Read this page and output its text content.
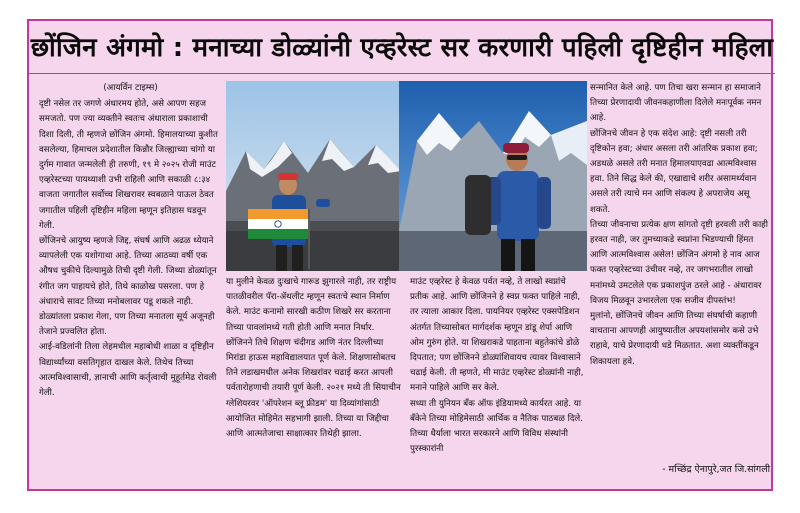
छोंजिन अंगमो : मनाच्या डोळ्यांनी एव्हरेस्ट सर करणारी पहिली दृष्टिहीन महिला

(आयर्विन टाइम्स)

दृष्टी नसेल तर जगणे अंधारमय होते, असे आपण सहज समजतो. पण ज्या व्यक्तीने स्वतःच अंधाराला प्रकाशाची दिशा दिली, ती म्हणजे छोंजिन अंगमो. हिमालयाच्या कुशीत वसलेल्या, हिमाचल प्रदेशातील किन्नौर जिल्ह्याच्या चांगो या दुर्गम गावात जन्मलेली ही तरुणी, १९ मे २०२५ रोजी माउंट एव्हरेस्टच्या पायथ्याशी उभी राहिली आणि सकाळी ८:३४ वाजता जगातील सर्वोच्च शिखरावर स्वबळाने पाऊल ठेवत जगातील पहिली दृष्टिहीन महिला म्हणून इतिहास घडवून गेली.

छोंजिनचे आयुष्य म्हणजे जिद्द, संघर्ष आणि अढळ ध्येयाने व्यापलेली एक यशोगाथा आहे. तिच्या आठव्या वर्षी एक औषध चुकीचे दिल्यामुळे तिची दृष्टी गेली. जिथ्या डोळ्यांतून रंगीत जग पाहायचे होते, तिथे काळोख पसरला. पण हे अंधाराचे सावट तिच्या मनोबलावर पडू शकले नाही. डोळ्यांतला प्रकाश गेला, पण तिच्या मनातला सूर्य अजूनही तेजाने प्रज्वलित होता.

आई-वडिलांनी तिला लेहमधील महाबोधी शाळा व दृष्टिहीन विद्यार्थ्यांच्या वसतिगृहात दाखल केले. तिथेच तिच्या आत्मविश्वासाची, ज्ञानाची आणि कर्तृत्वाची मुहूर्तमेढ रोवली गेली.

या मुलीने केवळ दुःखाचे गारूड झुगारले नाही, तर राष्ट्रीय पातळीवरील पॅरा-ॲथलीट म्हणून स्वतःचे स्थान निर्माण केले. माउंट कनामो सारखी कठीण शिखरे सर करताना तिच्या पावलांमध्ये गती होती आणि मनात निर्धार.

छोंजिनने तिचे शिक्षण चंदीगड आणि नंतर दिल्लीच्या मिरांडा हाऊस महाविद्यालयात पूर्ण केले. शिक्षणासोबतच तिने लडाखमधील अनेक शिखरांवर चढाई करत आपली पर्वतारोहणाची तयारी पूर्ण केली. २०२१ मध्ये ती सियाचीन ग्लेशियरवर 'ऑपरेशन ब्लू फ्रीडम' या दिव्यांगांसाठी आयोजित मोहिमेत सहभागी झाली. तिच्या या जिद्दीचा आणि आत्मतेजाचा साक्षात्कार तिथेही झाला.

माउंट एव्हरेस्ट हे केवळ पर्वत नव्हे, ते लाखो स्वप्नांचे प्रतीक आहे. आणि छोंजिनने हे स्वप्न फक्त पाहिले नाही, तर त्याला आकार दिला. पायनियर एव्हरेस्ट एक्सपेडिशन अंतर्गत तिच्यासोबत मार्गदर्शक म्हणून डांडू शेर्पा आणि ओम गुरुंग होते. या शिखराकडे पाहताना बहुतेकांचे डोळे दिपतात; पण छोंजिनने डोळ्यांशिवायच त्यावर विश्वासाने चढाई केली. ती म्हणते, मी माउंट एव्हरेस्ट डोळ्यांनी नाही, मनाने पाहिले आणि सर केले.

सध्या ती युनियन बँक ऑफ इंडियामध्ये कार्यरत आहे. या बँकेने तिच्या मोहिमेसाठी आर्थिक व नैतिक पाठबळ दिले. तिच्या धैर्याला भारत सरकारने आणि विविध संस्थांनी पुरस्कारांनी

सन्मानित केले आहे. पण तिचा खरा सन्मान हा समाजाने तिच्या प्रेरणादायी जीवनकहाणीला दिलेले मनःपूर्वक नमन आहे.

छोंजिनचे जीवन हे एक संदेश आहे: दृष्टी नसली तरी दृष्टिकोन हवा; अंधार असला तरी आंतरिक प्रकाश हवा; अडथळे असले तरी मनात हिमालयाएवढा आत्मविश्वास हवा. तिने सिद्ध केले की, एखाद्याचे शरीर असामर्थ्यवान असले तरी त्याचे मन आणि संकल्प हे अपराजेय असू शकते.

तिच्या जीवनाचा प्रत्येक क्षण सांगतो दृष्टी हरवली तरी काही हरवत नाही, जर तुमच्याकडे स्वप्नांना भिडण्याची हिंमत आणि आत्मविश्वास असेल! छोंजिन अंगमो हे नाव आज फक्त एव्हरेस्टच्या उंचीवर नव्हे, तर जगभरातील लाखो मनांमध्ये उमटलेले एक प्रकाशपुंज ठरले आहे - अंधारावर विजय मिळवून उभारलेला एक सजीव दीपस्तंभ!

मुलांनो, छोंजिनचे जीवन आणि तिच्या संघर्षाची कहाणी वाचताना आपणही आयुष्यातील अपयशांसमोर कसे उभे राहावे, याचे प्रेरणादायी धडे मिळतात. अशा व्यक्तींकडून शिकायला हवे.

- मच्छिंद्र ऐनापुरे,जत जि.सांगली
